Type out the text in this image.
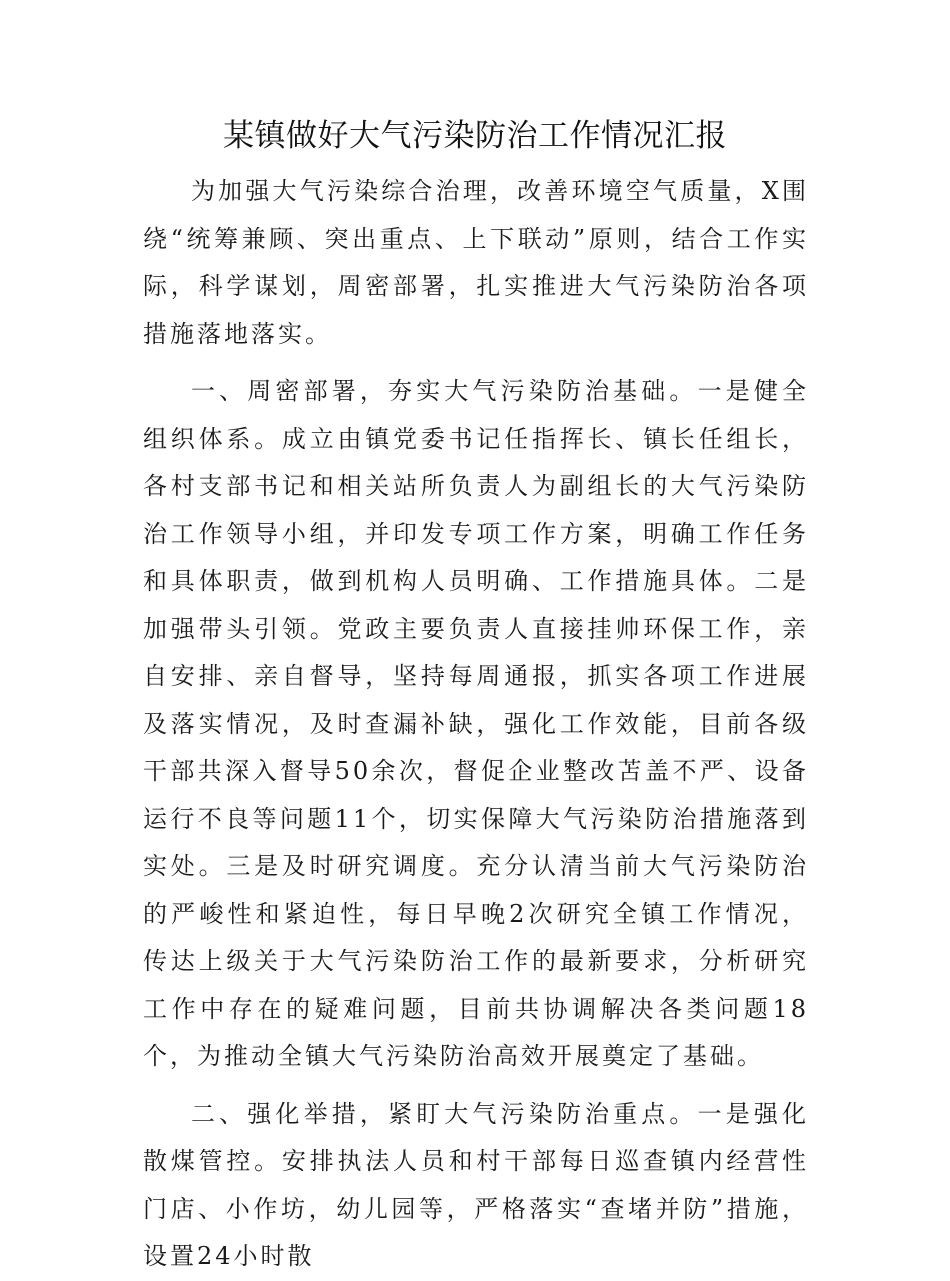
某镇做好大气污染防治工作情况汇报

为加强大气污染综合治理，改善环境空气质量，X围绕“统筹兼顾、突出重点、上下联动”原则，结合工作实际，科学谋划，周密部署，扎实推进大气污染防治各项措施落地落实。

一、周密部署，夯实大气污染防治基础。一是健全组织体系。成立由镇党委书记任指挥长、镇长任组长，各村支部书记和相关站所负责人为副组长的大气污染防治工作领导小组，并印发专项工作方案，明确工作任务和具体职责，做到机构人员明确、工作措施具体。二是加强带头引领。党政主要负责人直接挂帅环保工作，亲自安排、亲自督导，坚持每周通报，抓实各项工作进展及落实情况，及时查漏补缺，强化工作效能，目前各级干部共深入督导50余次，督促企业整改苫盖不严、设备运行不良等问题11个，切实保障大气污染防治措施落到实处。三是及时研究调度。充分认清当前大气污染防治的严峻性和紧迫性，每日早晚2次研究全镇工作情况，传达上级关于大气污染防治工作的最新要求，分析研究工作中存在的疑难问题，目前共协调解决各类问题18个，为推动全镇大气污染防治高效开展奠定了基础。

二、强化举措，紧盯大气污染防治重点。一是强化散煤管控。安排执法人员和村干部每日巡查镇内经营性门店、小作坊，幼儿园等，严格落实“查堵并防”措施，设置24小时散
